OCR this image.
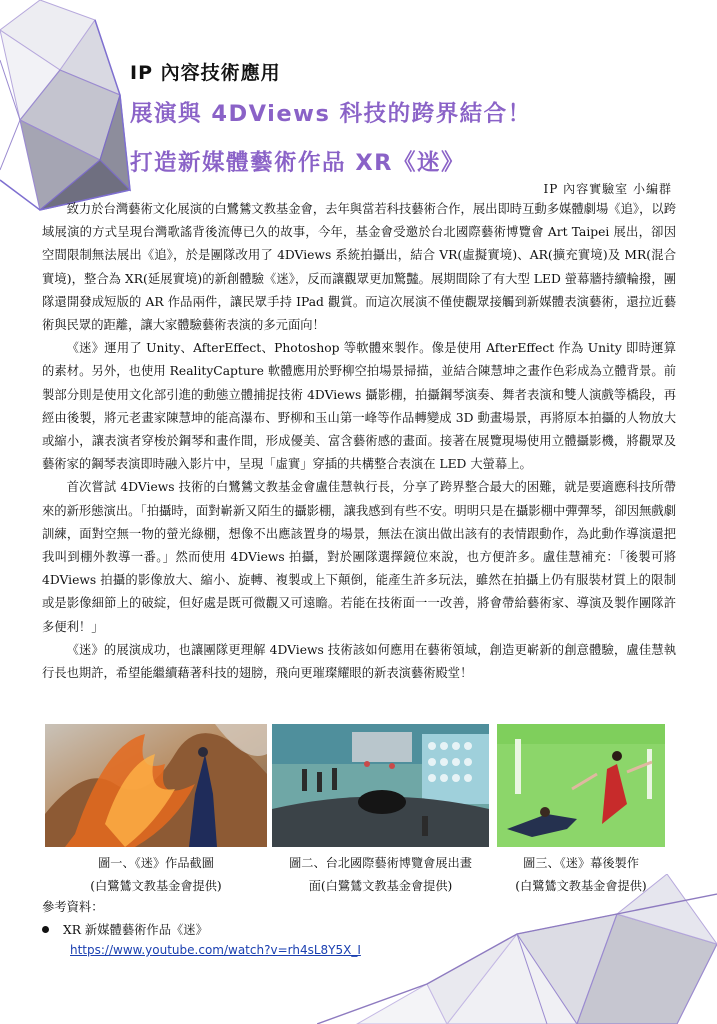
IP 內容技術應用
展演與 4DViews 科技的跨界結合！
打造新媒體藝術作品 XR《迷》
IP 內容實驗室 小編群

致力於台灣藝術文化展演的白鷺鷥文教基金會，去年與當若科技藝術合作，展出即時互動多媒體劇場《追》，以跨域展演的方式呈現台灣歌謠背後流傳已久的故事，今年，基金會受邀於台北國際藝術博覽會 Art Taipei 展出，卻因空間限制無法展出《追》，於是團隊改用了 4DViews 系統拍攝出，結合 VR(虛擬實境)、AR(擴充實境)及 MR(混合實境)，整合為 XR(延展實境)的新創體驗《迷》，反而讓觀眾更加驚豔。展期間除了有大型 LED 螢幕牆持續輪撥，團隊還開發成短版的 AR 作品兩件，讓民眾手持 IPad 觀賞。而這次展演不僅使觀眾接觸到新媒體表演藝術，還拉近藝術與民眾的距離，讓大家體驗藝術表演的多元面向！

《迷》運用了 Unity、AfterEffect、Photoshop 等軟體來製作。像是使用 AfterEffect 作為 Unity 即時運算的素材。另外，也使用 RealityCapture 軟體應用於野柳空拍場景掃描，並結合陳慧坤之畫作色彩成為立體背景。前製部分則是使用文化部引進的動態立體捕捉技術 4DViews 攝影棚，拍攝鋼琴演奏、舞者表演和雙人演戲等橋段，再經由後製，將元老畫家陳慧坤的能高瀑布、野柳和玉山第一峰等作品轉變成 3D 動畫場景，再將原本拍攝的人物放大或縮小，讓表演者穿梭於鋼琴和畫作間，形成優美、富含藝術感的畫面。接著在展覽現場使用立體攝影機，將觀眾及藝術家的鋼琴表演即時融入影片中，呈現「虛實」穿插的共構整合表演在 LED 大螢幕上。

首次嘗試 4DViews 技術的白鷺鷥文教基金會盧佳慧執行長，分享了跨界整合最大的困難，就是要適應科技所帶來的新形態演出。「拍攝時，面對嶄新又陌生的攝影棚，讓我感到有些不安。明明只是在攝影棚中彈彈琴，卻因無戲劇訓練，面對空無一物的螢光綠棚，想像不出應該置身的場景，無法在演出做出該有的表情跟動作，為此動作導演還把我叫到棚外教導一番。」然而使用 4DViews 拍攝，對於團隊選擇鏡位來說，也方便許多。盧佳慧補充：「後製可將 4DViews 拍攝的影像放大、縮小、旋轉、複製或上下顛倒，能產生許多玩法，雖然在拍攝上仍有服裝材質上的限制或是影像細節上的破綻，但好處是既可微觀又可遠瞻。若能在技術面一一改善，將會帶給藝術家、導演及製作團隊許多便利！」

《迷》的展演成功，也讓團隊更理解 4DViews 技術該如何應用在藝術領域，創造更嶄新的創意體驗，盧佳慧執行長也期許，希望能繼續藉著科技的翅膀，飛向更璀璨耀眼的新表演藝術殿堂！

圖一、《迷》作品截圖
(白鷺鷥文教基金會提供)
圖二、台北國際藝術博覽會展出畫
面(白鷺鷥文教基金會提供)
圖三、《迷》幕後製作
(白鷺鷥文教基金會提供)
參考資料：
XR 新媒體藝術作品《迷》
https://www.youtube.com/watch?v=rh4sL8Y5X_I
